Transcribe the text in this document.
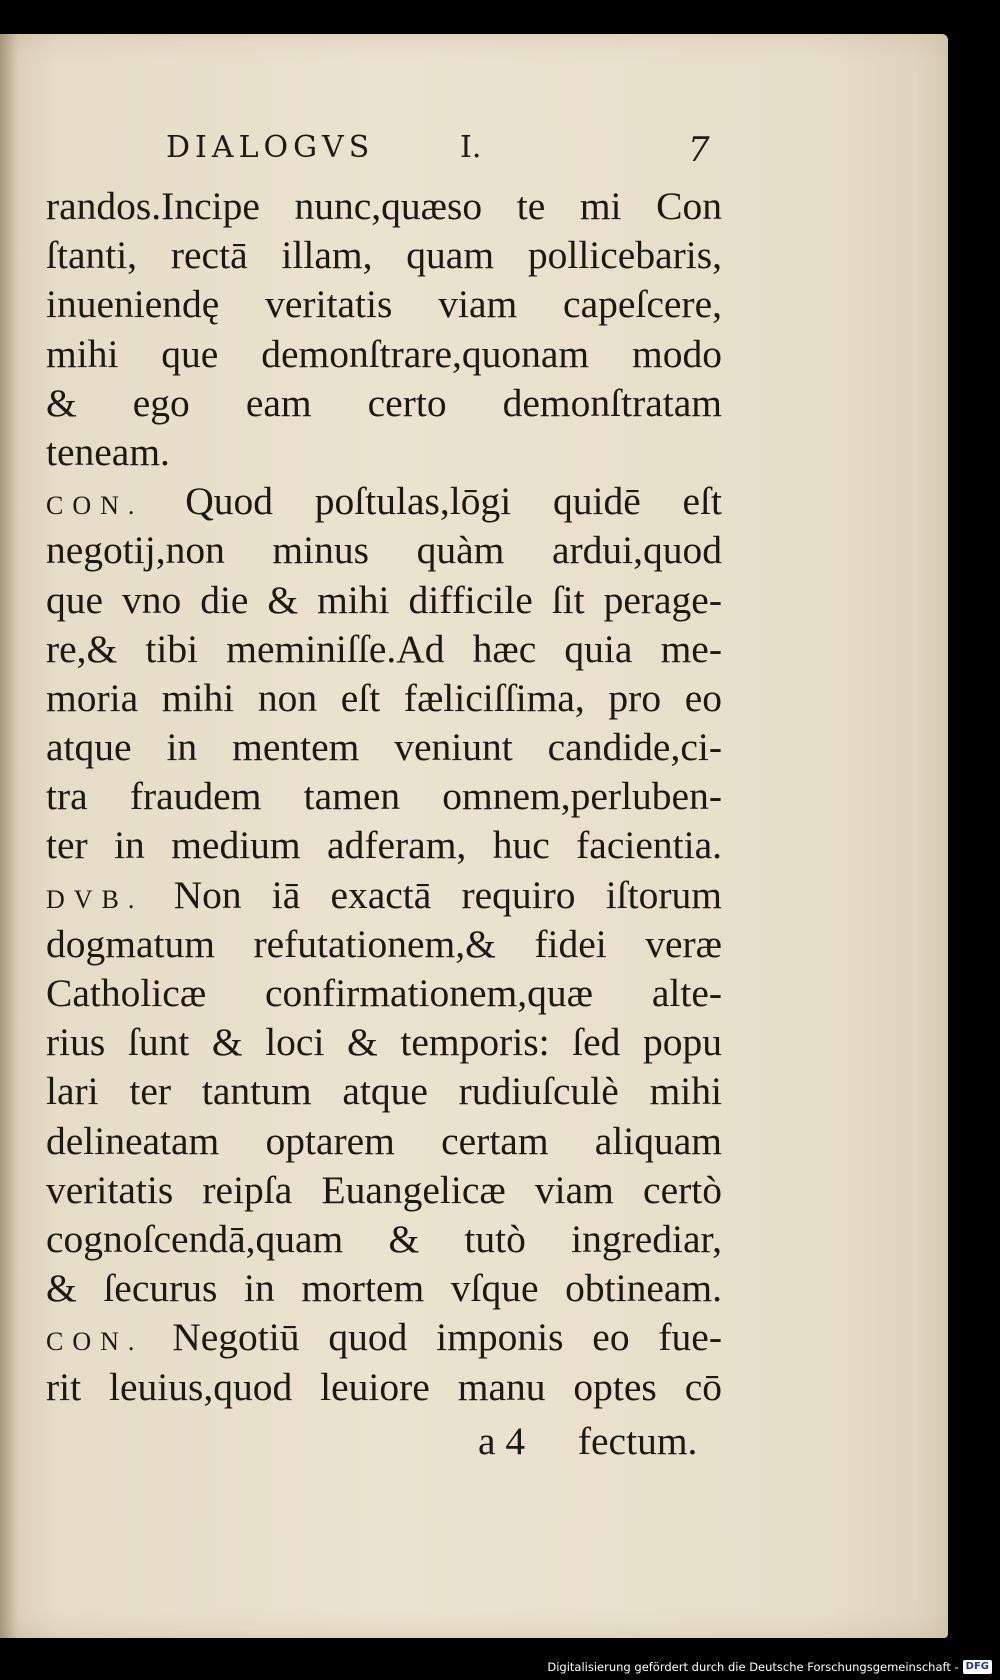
DIALOGVS	I.	7
randos.Incipe nunc,quæso te mi Con
ſtanti, rectā illam, quam pollicebaris,
inueniendę veritatis viam capeſcere,
mihi que demonſtrare,quonam modo
& ego eam certo demonſtratam
teneam.
CON. Quod poſtulas,lōgi quidē eſt
negotij,non minus quàm ardui,quod
que vno die & mihi difficile ſit perage-
re,& tibi meminiſſe.Ad hæc quia me-
moria mihi non eſt fæliciſſima, pro eo
atque in mentem veniunt candide,ci-
tra fraudem tamen omnem,perluben-
ter in medium adferam, huc facientia.
DVB. Non iā exactā requiro iſtorum
dogmatum refutationem,& fidei veræ
Catholicæ confirmationem,quæ alte-
rius ſunt & loci & temporis: ſed popu
lari ter tantum atque rudiuſculè mihi
delineatam optarem certam aliquam
veritatis reipſa Euangelicæ viam certò
cognoſcendā,quam & tutò ingrediar,
& ſecurus in mortem vſque obtineam.
CON. Negotiū quod imponis eo fue-
rit leuius,quod leuiore manu optes cō
a 4 fectum.
Digitalisierung gefördert durch die Deutsche Forschungsgemeinschaft - DFG
